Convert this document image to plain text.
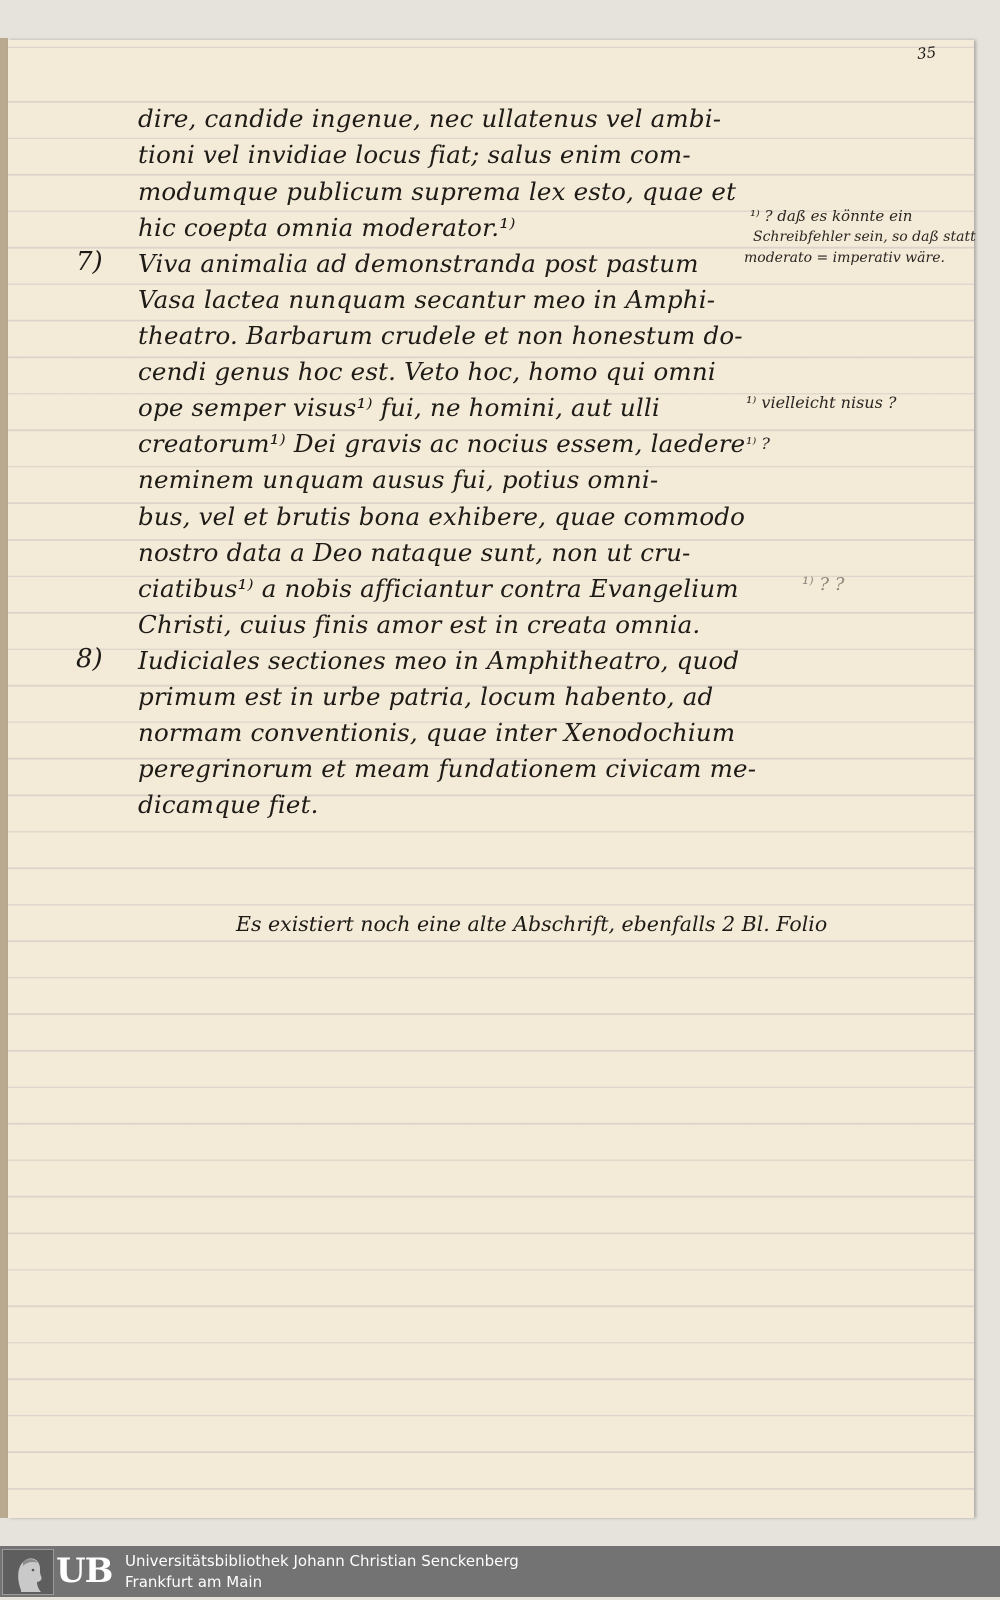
35
dire, candide ingenue, nec ullatenus vel ambi-
tioni vel invidiae locus fiat; salus enim com-
modumque publicum suprema lex esto, quae et
hic coepta omnia moderator.¹⁾
7) Viva animalia ad demonstranda post pastum
Vasa lactea nunquam secantur meo in Amphi-
theatro. Barbarum crudele et non honestum do-
cendi genus hoc est. Veto hoc, homo qui omni
ope semper visus¹⁾ fui, ne homini, aut ulli
creatorum¹⁾ Dei gravis ac nocius essem, laedere
neminem unquam ausus fui, potius omni-
bus, vel et brutis bona exhibere, quae commodo
nostro data a Deo nataque sunt, non ut cru-
ciatibus¹⁾ a nobis afficiantur contra Evangelium
Christi, cuius finis amor est in creata omnia.
8) Iudiciales sectiones meo in Amphitheatro, quod
primum est in urbe patria, locum habento, ad
normam conventionis, quae inter Xenodochium
peregrinorum et meam fundationem civicam me-
dicamque fiet.
¹⁾ ? daß es könnte ein
Schreibfehler sein, so daß statt
moderato = imperativ wäre.
¹⁾ vielleicht nisus ?
¹⁾ ?
¹⁾ ? ?
Es existiert noch eine alte Abschrift, ebenfalls 2 Bl. Folio
UB Universitätsbibliothek Johann Christian Senckenberg
Frankfurt am Main
